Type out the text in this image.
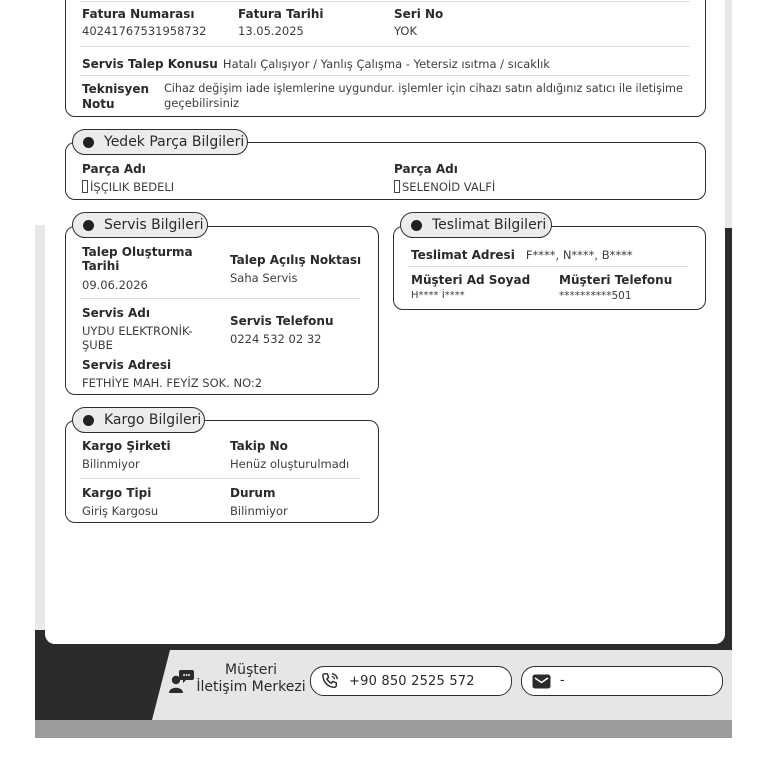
Fatura Numarası
40241767531958732
Fatura Tarihi
13.05.2025
Seri No
YOK
Servis Talep Konusu Hatalı Çalışıyor / Yanlış Çalışma - Yetersiz ısıtma / sıcaklık
Teknisyen
Notu
Cihaz değişim iade işlemlerine uygundur. işlemler için cihazı satın aldığınız satıcı ile iletişime
geçebilirsiniz
Yedek Parça Bilgileri
Parça Adı
İŞÇILIK BEDELI
Parça Adı
SELENOİD VALFİ
Servis Bilgileri
Talep Oluşturma
Tarihi
09.06.2026
Talep Açılış Noktası
Saha Servis
Servis Adı
UYDU ELEKTRONİK-
ŞUBE
Servis Telefonu
0224 532 02 32
Servis Adresi
FETHİYE MAH. FEYİZ SOK. NO:2
Teslimat Bilgileri
Teslimat Adresi F****, N****, B****
Müşteri Ad Soyad
H**** İ****
Müşteri Telefonu
**********501
Kargo Bilgileri
Kargo Şirketi
Bilinmiyor
Takip No
Henüz oluşturulmadı
Kargo Tipi
Giriş Kargosu
Durum
Bilinmiyor
Müşteri
İletişim Merkezi	+90 850 2525 572	-
